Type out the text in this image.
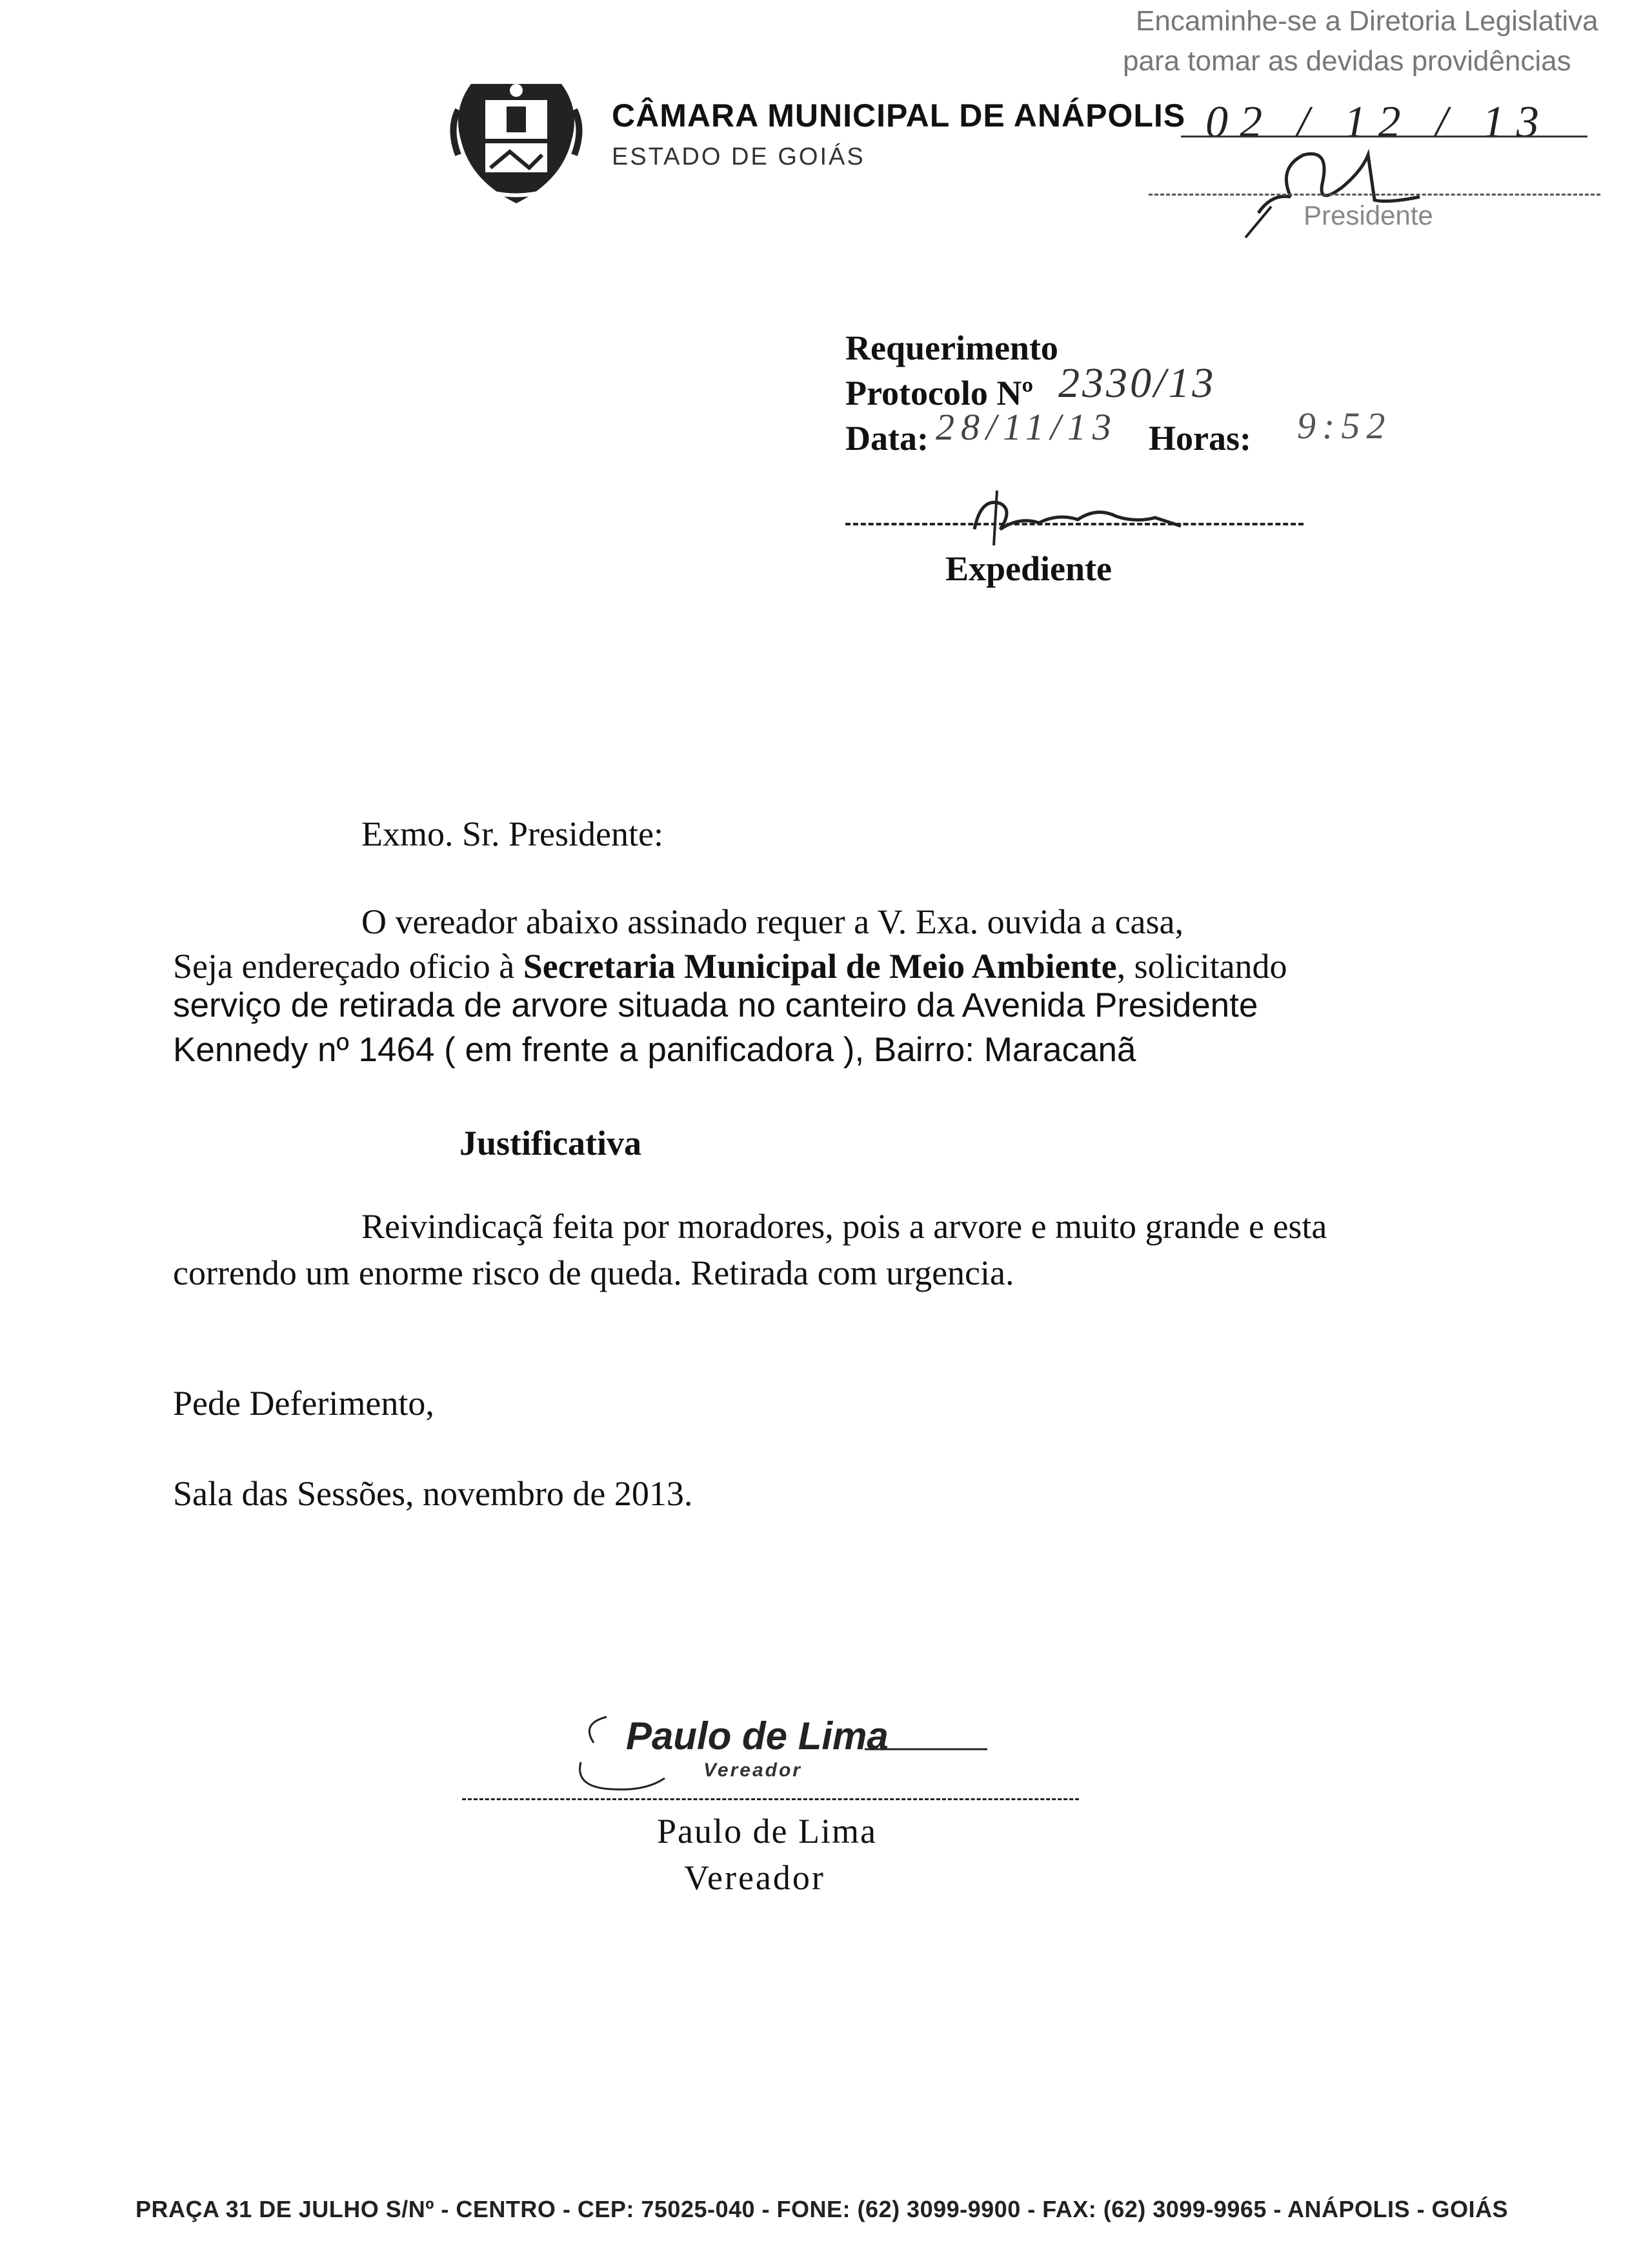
CÂMARA MUNICIPAL DE ANÁPOLIS
ESTADO DE GOIÁS
Encaminhe-se a Diretoria Legislativa
para tomar as devidas providências
02 / 12 / 13
Presidente
Requerimento
Protocolo Nº 2330/13
Data: 28/11/13 Horas: 9:52
Expediente
Exmo. Sr. Presidente:
O vereador abaixo assinado requer a V. Exa. ouvida a casa,
Seja endereçado oficio à Secretaria Municipal de Meio Ambiente, solicitando
serviço de retirada de arvore situada no canteiro da Avenida Presidente
Kennedy nº 1464 ( em frente a panificadora ), Bairro: Maracanã
Justificativa
Reivindicaçã feita por moradores, pois a arvore e muito grande e esta
correndo um enorme risco de queda. Retirada com urgencia.
Pede Deferimento,
Sala das Sessões, novembro de 2013.
Paulo de Lima
Vereador
Paulo de Lima
Vereador
PRAÇA 31 DE JULHO S/Nº - CENTRO - CEP: 75025-040 - FONE: (62) 3099-9900 - FAX: (62) 3099-9965 - ANÁPOLIS - GOIÁS
